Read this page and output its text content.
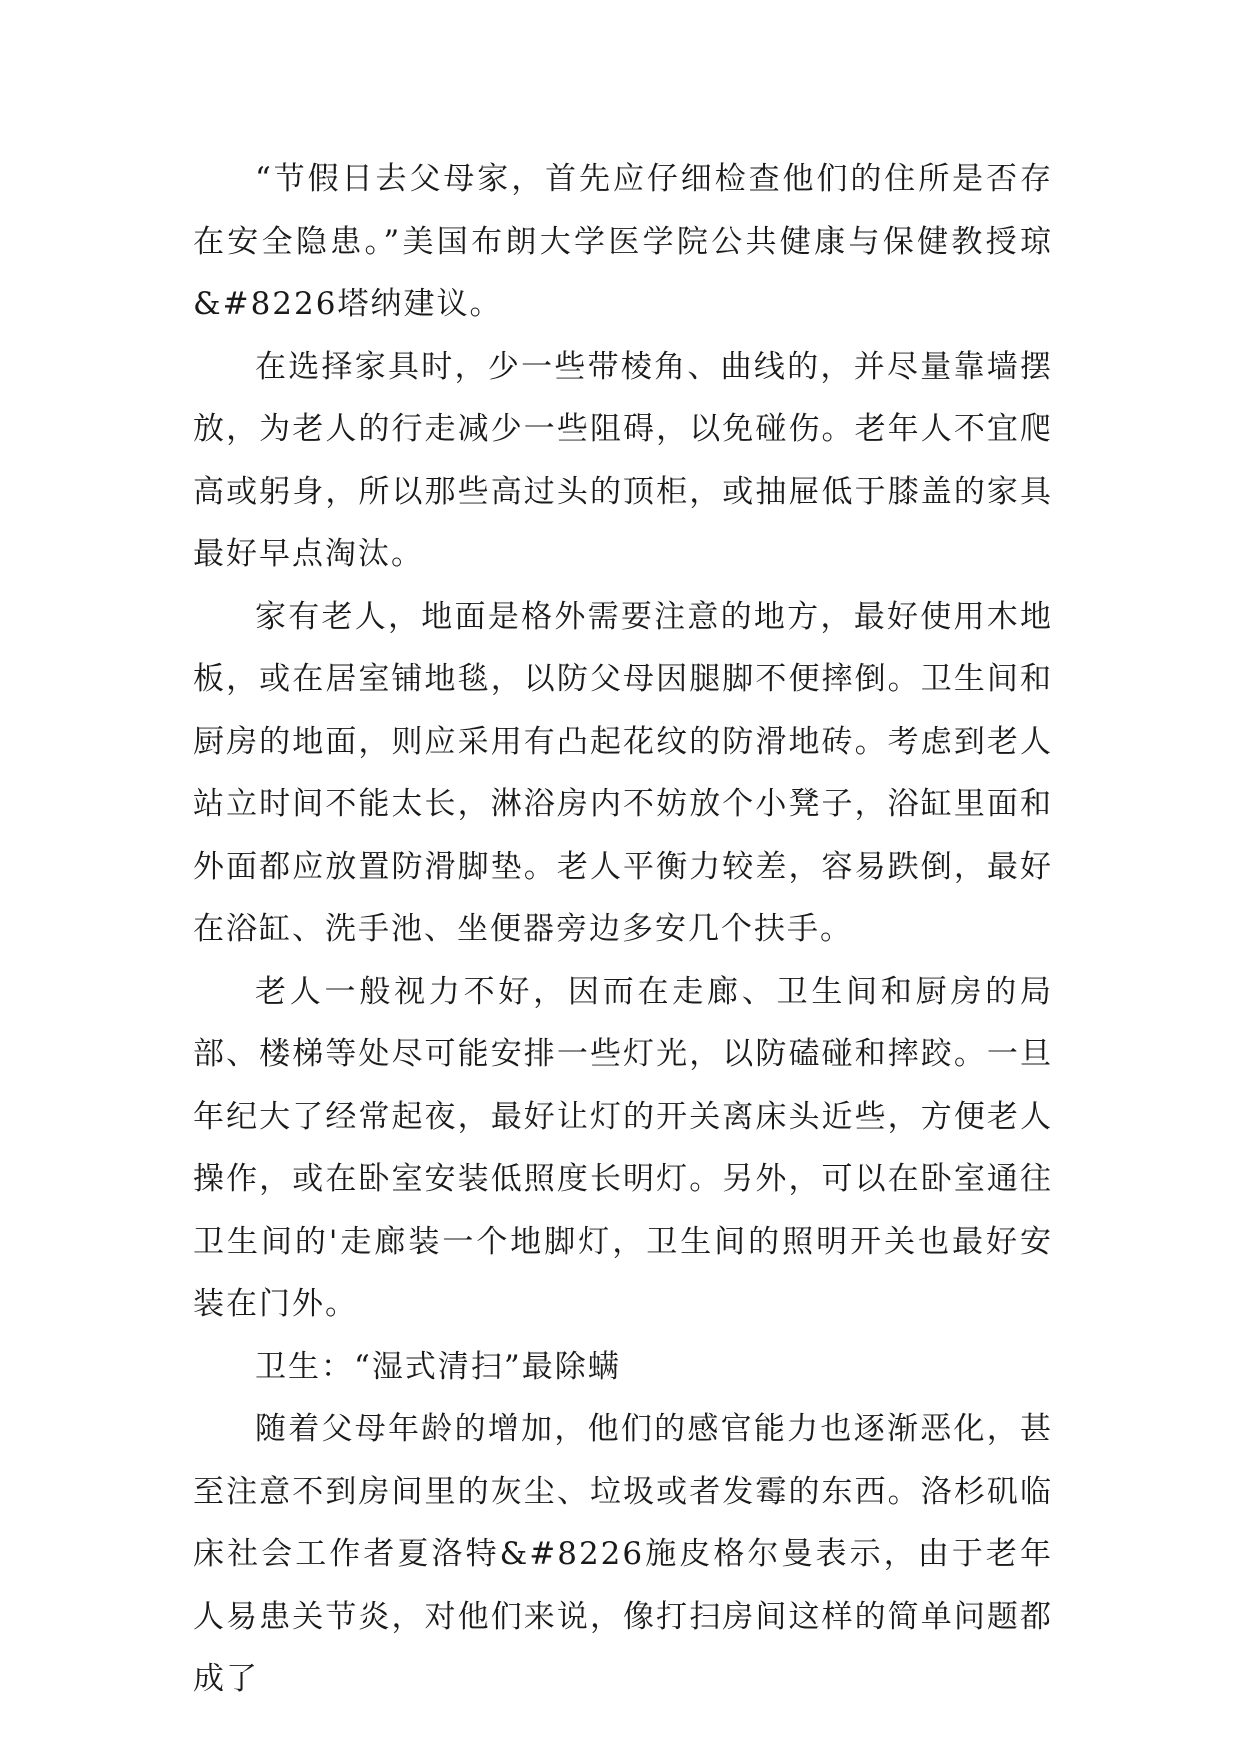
“节假日去父母家，首先应仔细检查他们的住所是否存在安全隐患。”美国布朗大学医学院公共健康与保健教授琼&#8226塔纳建议。

在选择家具时，少一些带棱角、曲线的，并尽量靠墙摆放，为老人的行走减少一些阻碍，以免碰伤。老年人不宜爬高或躬身，所以那些高过头的顶柜，或抽屉低于膝盖的家具最好早点淘汰。

家有老人，地面是格外需要注意的地方，最好使用木地板，或在居室铺地毯，以防父母因腿脚不便摔倒。卫生间和厨房的地面，则应采用有凸起花纹的防滑地砖。考虑到老人站立时间不能太长，淋浴房内不妨放个小凳子，浴缸里面和外面都应放置防滑脚垫。老人平衡力较差，容易跌倒，最好在浴缸、洗手池、坐便器旁边多安几个扶手。

老人一般视力不好，因而在走廊、卫生间和厨房的局部、楼梯等处尽可能安排一些灯光，以防磕碰和摔跤。一旦年纪大了经常起夜，最好让灯的开关离床头近些，方便老人操作，或在卧室安装低照度长明灯。另外，可以在卧室通往卫生间的'走廊装一个地脚灯，卫生间的照明开关也最好安装在门外。

卫生：“湿式清扫”最除螨

随着父母年龄的增加，他们的感官能力也逐渐恶化，甚至注意不到房间里的灰尘、垃圾或者发霉的东西。洛杉矶临床社会工作者夏洛特&#8226施皮格尔曼表示，由于老年人易患关节炎，对他们来说，像打扫房间这样的简单问题都成了
